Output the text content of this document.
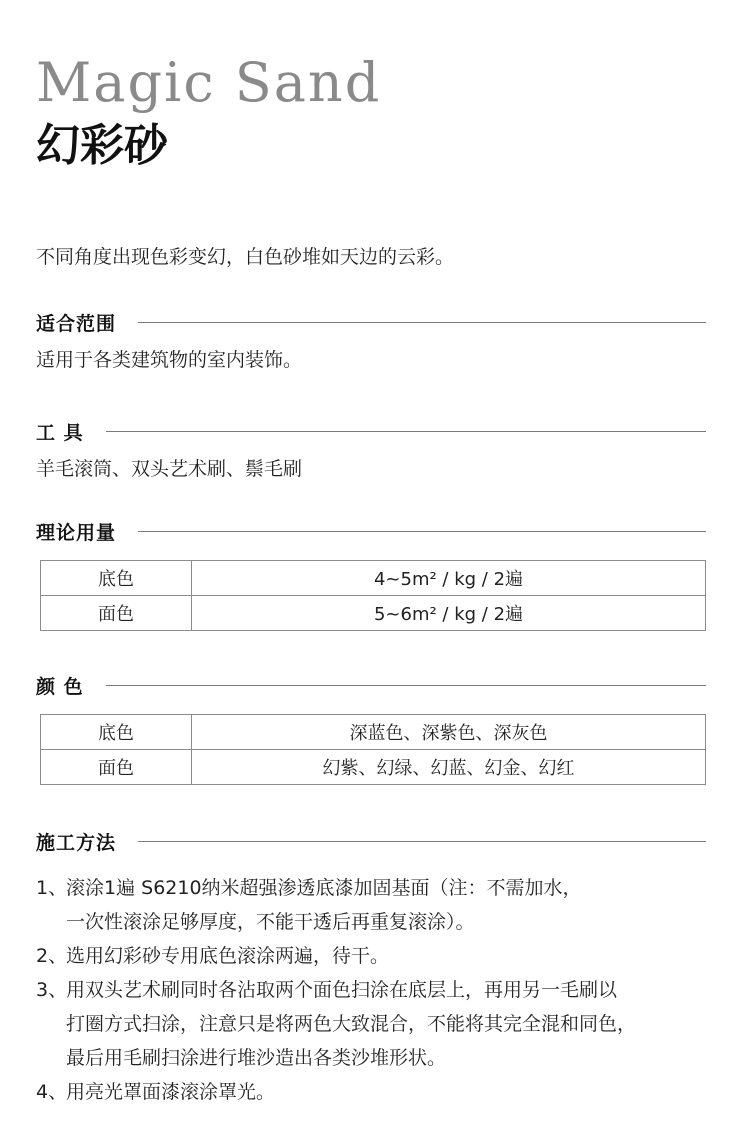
Magic Sand
幻彩砂
不同角度出现色彩变幻，白色砂堆如天边的云彩。
适合范围
适用于各类建筑物的室内装饰。
工 具
羊毛滚筒、双头艺术刷、鬃毛刷
理论用量
底色	4~5m² / kg / 2遍
面色	5~6m² / kg / 2遍
颜 色
底色	深蓝色、深紫色、深灰色
面色	幻紫、幻绿、幻蓝、幻金、幻红
施工方法
1、
滚涂1遍 S6210纳米超强渗透底漆加固基面（注：不需加水，
一次性滚涂足够厚度，不能干透后再重复滚涂）。
2、
选用幻彩砂专用底色滚涂两遍，待干。
3、
用双头艺术刷同时各沾取两个面色扫涂在底层上，再用另一毛刷以
打圈方式扫涂，注意只是将两色大致混合，不能将其完全混和同色，
最后用毛刷扫涂进行堆沙造出各类沙堆形状。
4、
用亮光罩面漆滚涂罩光。
